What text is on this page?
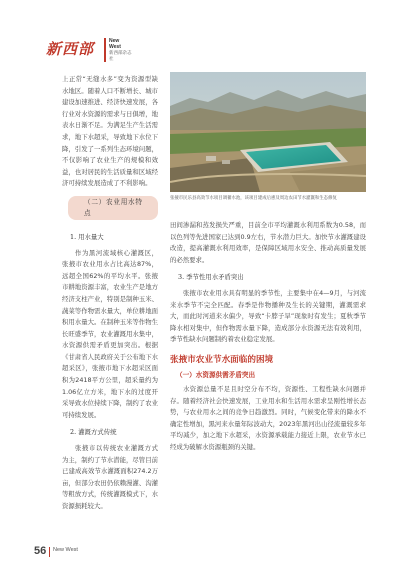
新西部	New West
新西部杂志社

上正常“无缝水多”变为资源型缺水地区。随着人口不断增长、城市建设加速推进、经济快速发展，各行业对水资源的需求与日俱增，地表水日渐不足。为满足生产生活需求，地下水超采，导致地下水位下降，引发了一系列生态环境问题，不仅影响了农业生产的规模和效益，也对居民的生活质量和区域经济可持续发展造成了不利影响。

（二）农业用水特点
1. 用水量大

作为黑河流域核心灌溉区，张掖市农业用水占比高达87%，远超全国62%的平均水平。张掖市耕地资源丰富，农业生产是地方经济支柱产业，特别是制种玉米、蔬菜等作物需水量大，单位耕地面积用水量大。在制种玉米等作物生长旺盛季节，农业灌溉用水集中，水资源供需矛盾更加突出。根据《甘肃省人民政府关于公布地下水超采区》，张掖市地下水超采区面积为2418平方公里，超采量约为1.06亿立方米，地下水的过度开采导致水位持续下降，制约了农业可持续发展。

2. 灌溉方式传统

张掖市以传统农业灌溉方式为主，制约了节水潜能，尽管目前已建成高效节水灌溉面积274.2万亩，但部分农田仍依赖漫灌、沟灌等粗放方式，传统灌溉模式下，水资源损耗较大。

张掖市民乐县高效节水项目调蓄水池，该项目建成后惠及周边农田节水灌溉和生态修复

田间渗漏和蒸发损失严重，目前全市平均灌溉水利用系数为0.58，而以色列等先进国家已达到0.9左右，节水潜力巨大。加快节水灌溉建设改造，提高灌溉水利用效率，是保障区域用水安全、推动高质量发展的必然要求。

3. 季节性用水矛盾突出

张掖市农业用水具有明显的季节性，主要集中在4—9月，与河流来水季节不完全匹配。春季是作物播种及生长的关键期，灌溉需求大，而此时河道来水偏少，导致“卡脖子旱”现象时有发生；夏秋季节降水相对集中，但作物需水量下降，造成部分水资源无法有效利用，季节性缺水问题制约着农业稳定发展。

张掖市农业节水面临的困境
（一）水资源供需矛盾突出

水资源总量不足且时空分布不均，资源性、工程性缺水问题并存。随着经济社会快速发展，工业用水和生活用水需求呈刚性增长态势，与农业用水之间的竞争日趋激烈。同时，气候变化带来的降水不确定性增加，黑河来水量年际波动大，2023年黑河出山径流量较多年平均减少，加之地下水超采，水资源承载能力接近上限，农业节水已经成为破解水资源瓶颈的关键。

56 New West
